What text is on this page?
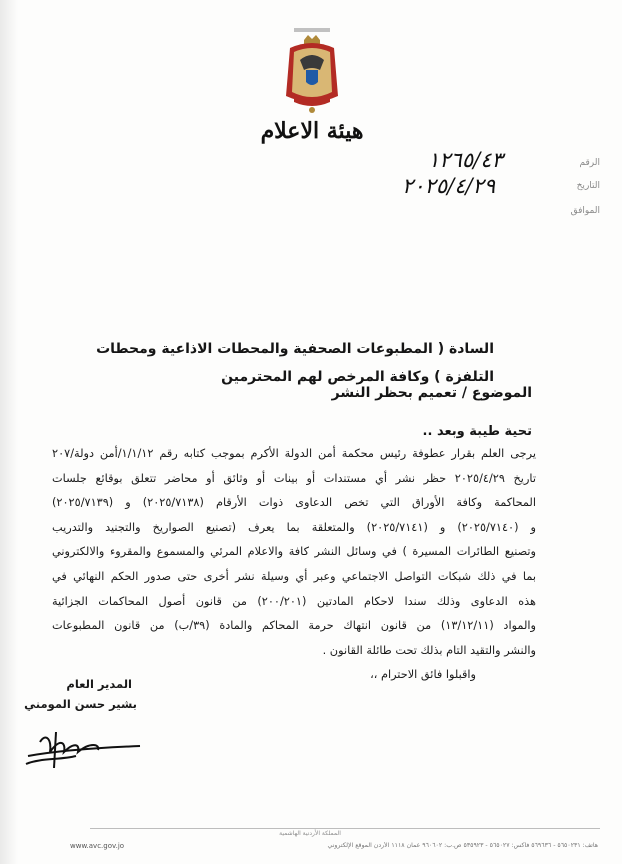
هيئة الاعلام
الرقم
التاريخ
الموافق
١٢٦٥/٤٣
٢٠٢٥/٤/٢٩
السادة ( المطبوعات الصحفية والمحطات الاذاعية ومحطات
التلفزة ) وكافة المرخص لهم المحترمين
الموضوع / تعميم بحظر النشر
تحية طيبة وبعد ..
يرجى العلم بقرار عطوفة رئيس محكمة أمن الدولة الأكرم بموجب كتابه رقم ١/١/١٢/أمن دولة/٢٠٧
تاريخ ٢٠٢٥/٤/٢٩ حظر نشر أي مستندات أو بينات أو وثائق أو محاضر تتعلق بوقائع جلسات
المحاكمة وكافة الأوراق التي تخص الدعاوى ذوات الأرقام (٢٠٢٥/٧١٣٨) و (٢٠٢٥/٧١٣٩)
و (٢٠٢٥/٧١٤٠) و (٢٠٢٥/٧١٤١) والمتعلقة بما يعرف (تصنيع الصواريخ والتجنيد والتدريب
وتصنيع الطائرات المسيرة ) في وسائل النشر كافة والاعلام المرئي والمسموع والمقروء والالكتروني
بما في ذلك شبكات التواصل الاجتماعي وعبر أي وسيلة نشر أخرى حتى صدور الحكم النهائي في
هذه الدعاوى وذلك سندا لاحكام المادتين (٢٠٠/٢٠١) من قانون أصول المحاكمات الجزائية
والمواد (١٣/١٢/١١) من قانون انتهاك حرمة المحاكم والمادة (٣٩/ب) من قانون المطبوعات
والنشر والتقيد التام بذلك تحت طائلة القانون .
واقبلوا فائق الاحترام ،،
المدير العام
بشير حسن المومني
المملكة الأردنية الهاشمية
هاتف: ٥٦٥٠٢٣١ - ٥٦٩٦٣٦ فاكس: ٥٦٥٠٢٧ - ٥٣٥٩٢٣ ص.ب: ٩٦٠٦٠٢ عمان ١١١٨ الأردن الموقع الإلكتروني
www.avc.gov.jo
